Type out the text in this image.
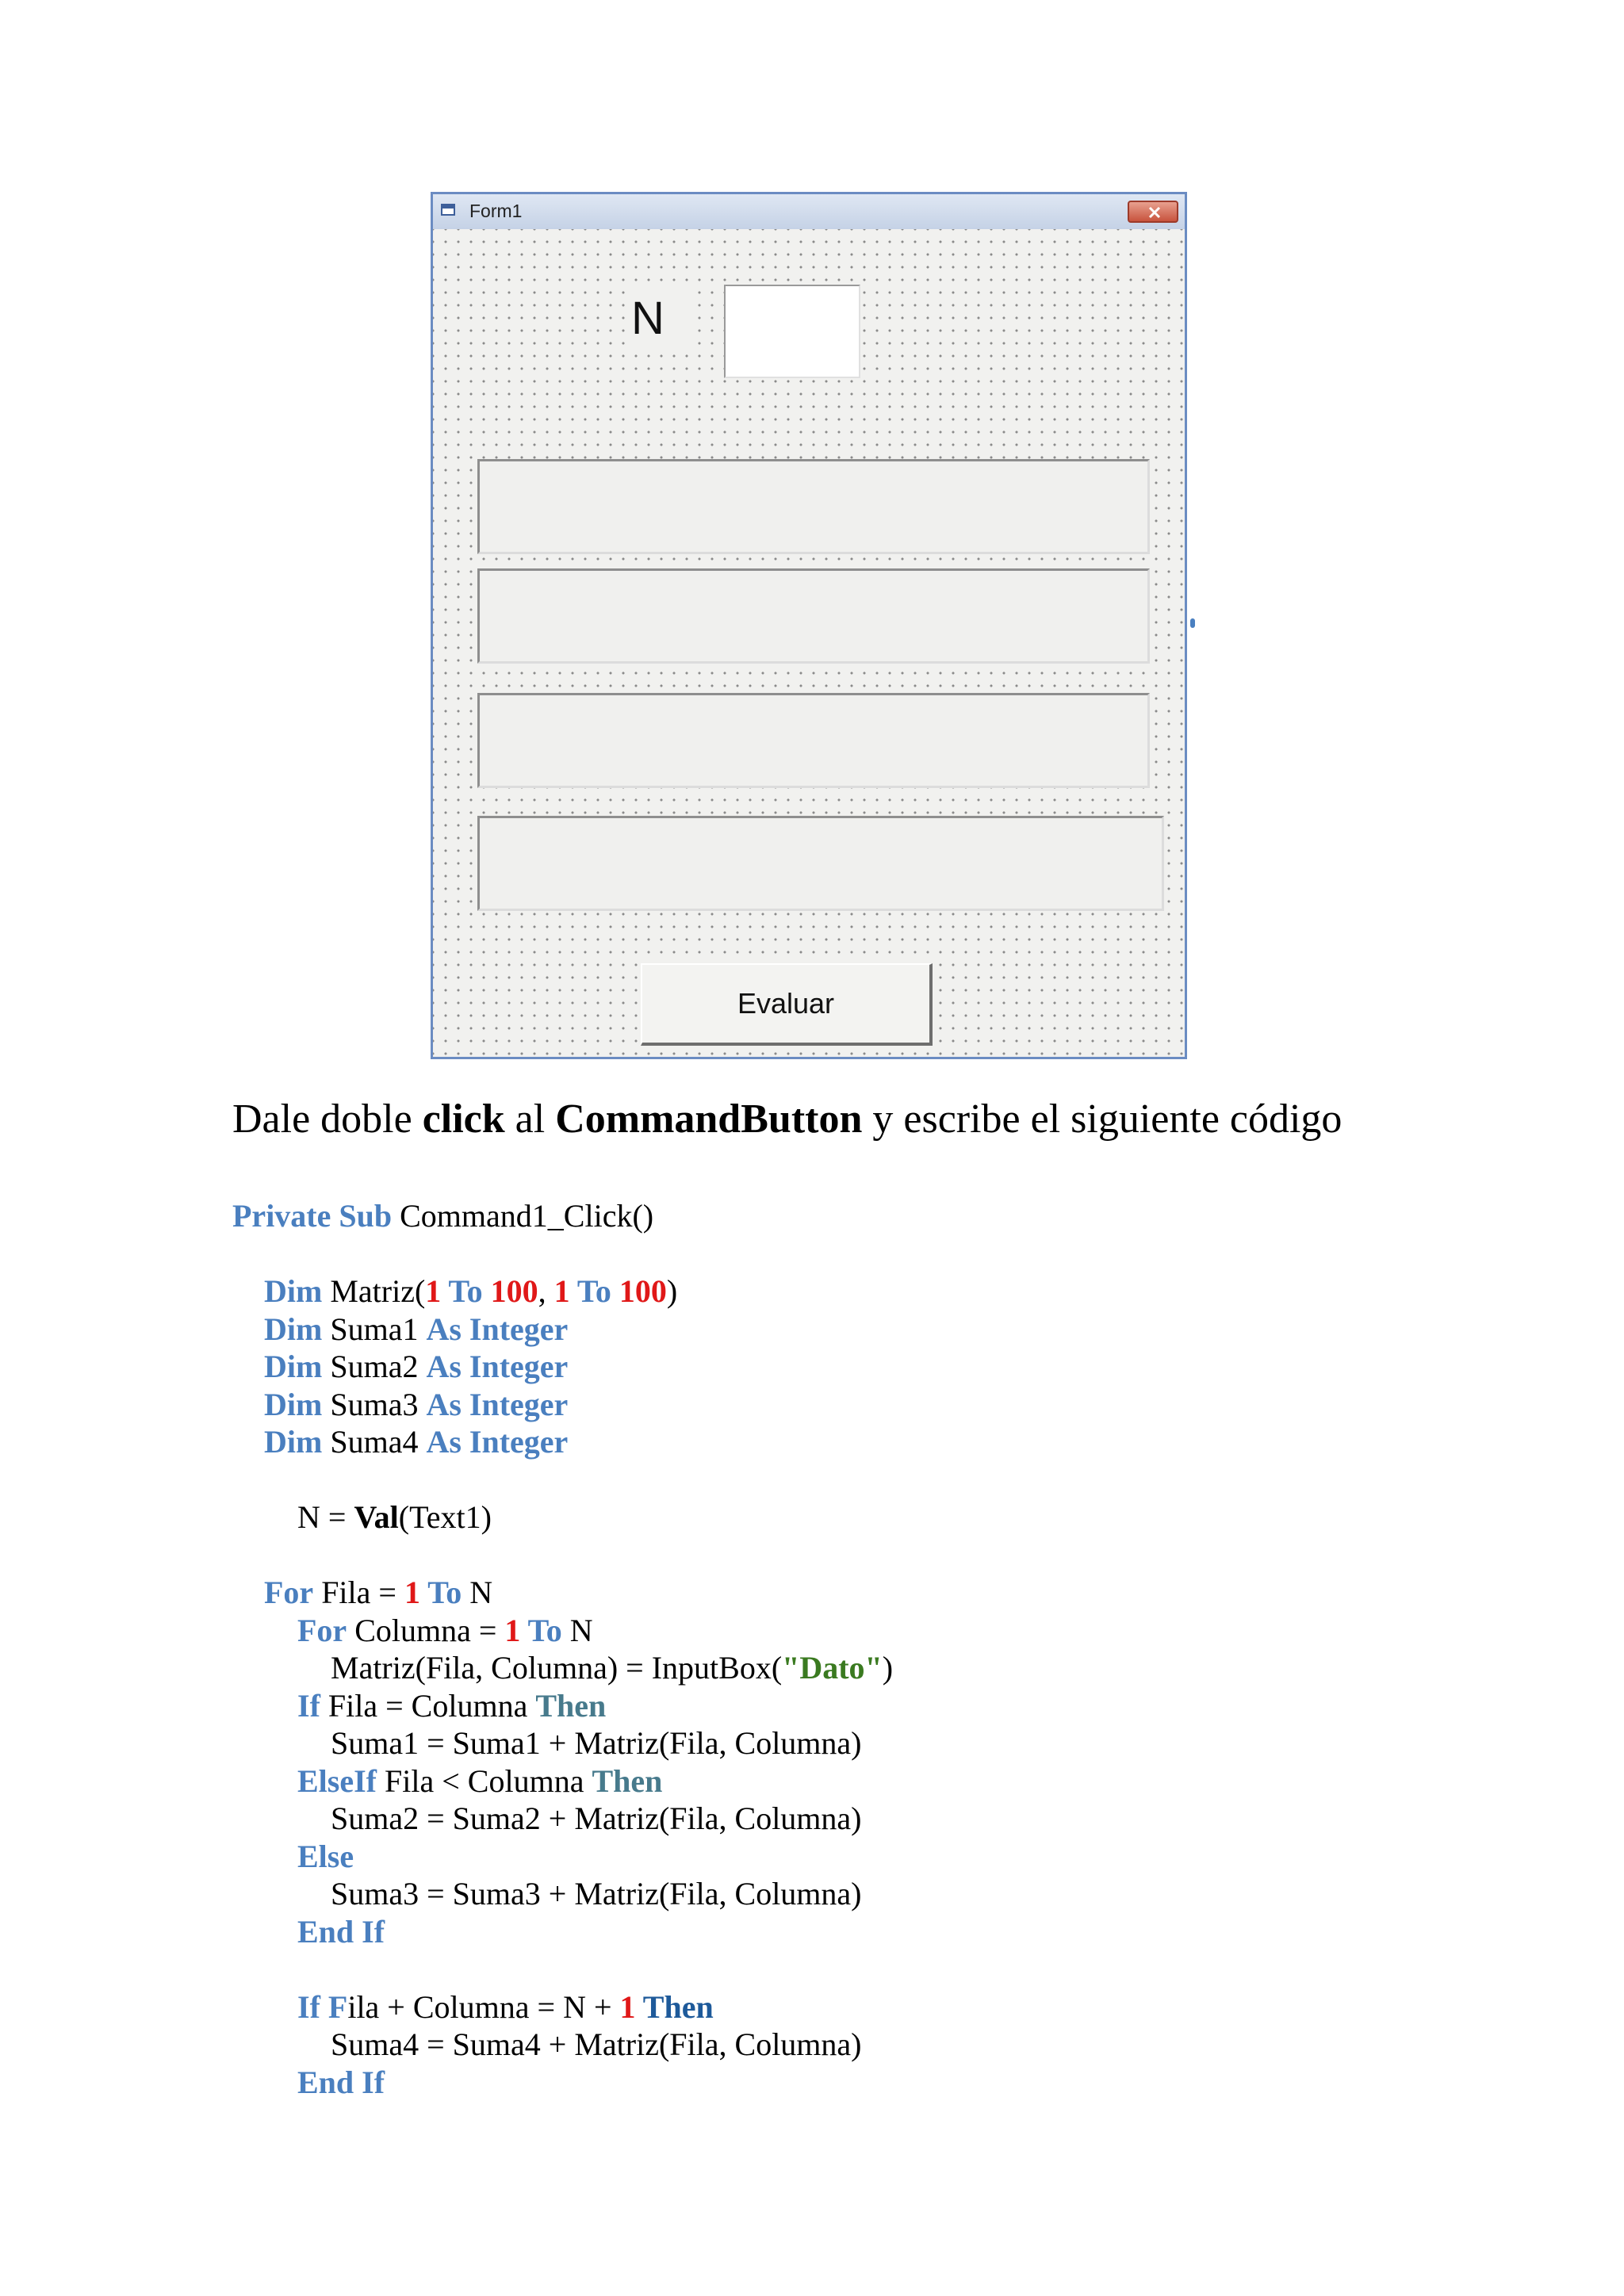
Form1
N
Evaluar

Dale doble click al CommandButton y escribe el siguiente código

Private Sub Command1_Click()
Dim Matriz(1 To 100, 1 To 100)
Dim Suma1 As Integer
Dim Suma2 As Integer
Dim Suma3 As Integer
Dim Suma4 As Integer
N = Val(Text1)
For Fila = 1 To N
For Columna = 1 To N
Matriz(Fila, Columna) = InputBox("Dato")
If Fila = Columna Then
Suma1 = Suma1 + Matriz(Fila, Columna)
ElseIf Fila < Columna Then
Suma2 = Suma2 + Matriz(Fila, Columna)
Else
Suma3 = Suma3 + Matriz(Fila, Columna)
End If
If Fila + Columna = N + 1 Then
Suma4 = Suma4 + Matriz(Fila, Columna)
End If
